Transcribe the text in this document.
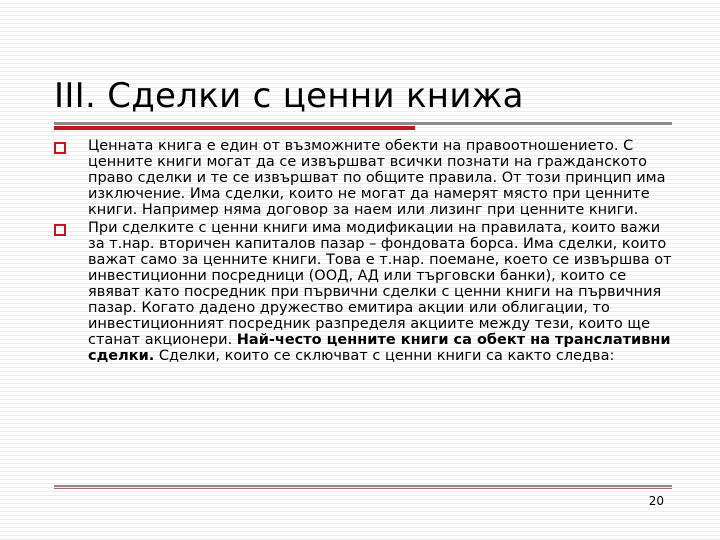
III. Сделки с ценни книжа
Ценната книга е един от възможните обекти на правоотношението. С ценните книги могат да се извършват всички познати на гражданското право сделки и те се извършват по общите правила. От този принцип има изключение. Има сделки, които не могат да намерят място при ценните книги. Например няма договор за наем или лизинг при ценните книги.
При сделките с ценни книги има модификации на правилата, които важи за т.нар. вторичен капиталов пазар – фондовата борса. Има сделки, които важат само за ценните книги. Това е т.нар. поемане, което се извършва от инвестиционни посредници (ООД, АД или търговски банки), които се явяват като посредник при първични сделки с ценни книги на първичния пазар. Когато дадено дружество емитира акции или облигации, то инвестиционният посредник разпределя акциите между тези, които ще станат акционери. Най-често ценните книги са обект на транслативни сделки. Сделки, които се сключват с ценни книги са както следва:
20
